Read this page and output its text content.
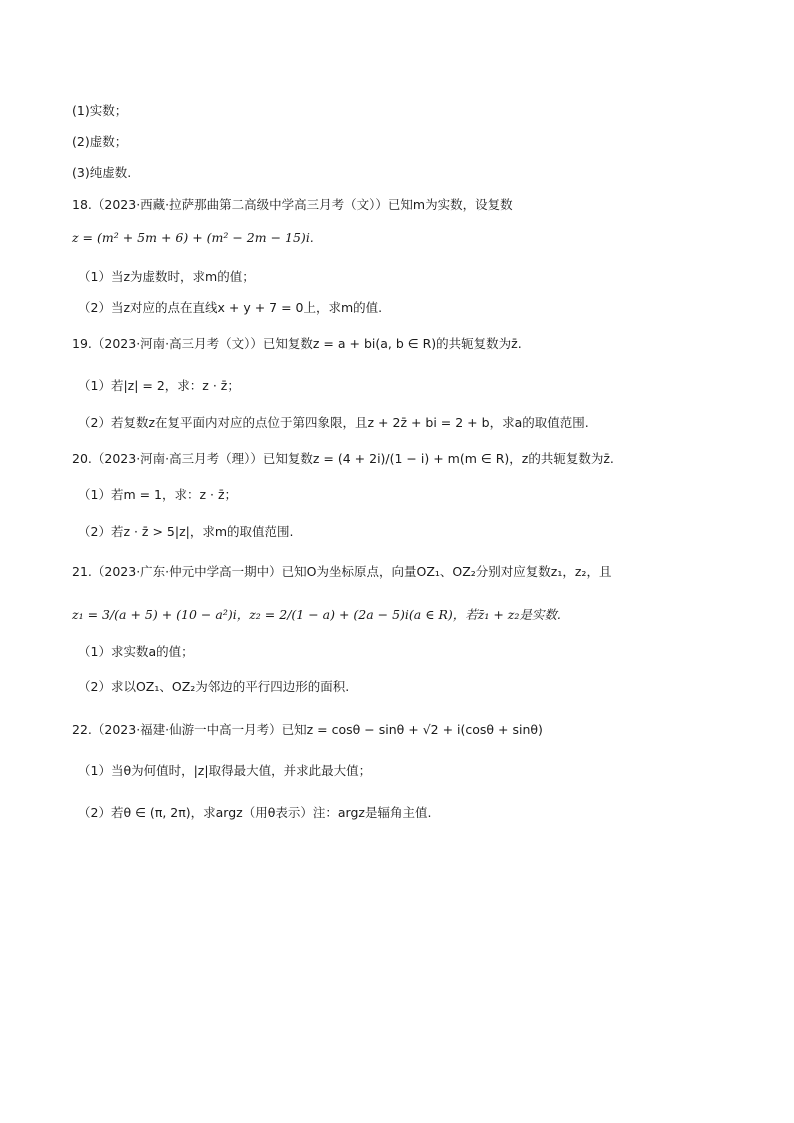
(1)实数；
(2)虚数；
(3)纯虚数.
18.（2023·西藏·拉萨那曲第二高级中学高三月考（文））已知m为实数，设复数
z = (m² + 5m + 6) + (m² − 2m − 15)i.
（1）当z为虚数时，求m的值；
（2）当z对应的点在直线x + y + 7 = 0上，求m的值.
19.（2023·河南·高三月考（文））已知复数z = a + bi(a, b ∈ R)的共轭复数为z̄.
（1）若|z| = 2，求：z · z̄；
（2）若复数z在复平面内对应的点位于第四象限，且z + 2z̄ + bi = 2 + b，求a的取值范围.
20.（2023·河南·高三月考（理））已知复数z = (4 + 2i)/(1 − i) + m(m ∈ R)，z的共轭复数为z̄.
（1）若m = 1，求：z · z̄；
（2）若z · z̄ > 5|z|，求m的取值范围.
21.（2023·广东·仲元中学高一期中）已知O为坐标原点，向量OZ₁、OZ₂分别对应复数z₁，z₂，且
z₁ = 3/(a + 5) + (10 − a²)i，z₂ = 2/(1 − a) + (2a − 5)i(a ∈ R)，若z̄₁ + z₂是实数.
（1）求实数a的值；
（2）求以OZ₁、OZ₂为邻边的平行四边形的面积.
22.（2023·福建·仙游一中高一月考）已知z = cosθ − sinθ + √2 + i(cosθ + sinθ)
（1）当θ为何值时，|z|取得最大值，并求此最大值；
（2）若θ ∈ (π, 2π)，求argz（用θ表示）注：argz是辐角主值.
